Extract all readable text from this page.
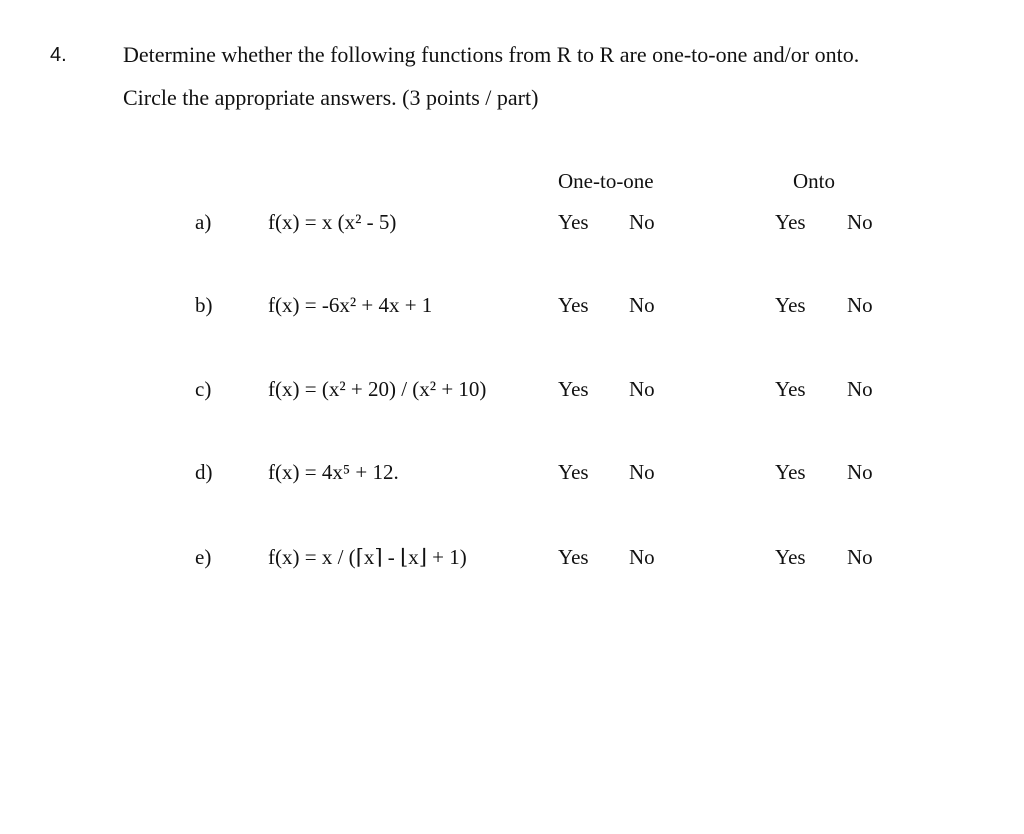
4.	Determine whether the following functions from R to R are one-to-one and/or onto.
Circle the appropriate answers. (3 points / part)
One-to-one	Onto
a)	f(x) = x (x² - 5)	Yes No	Yes No
b)	f(x) = -6x² + 4x + 1	Yes No	Yes No
c)	f(x) = (x² + 20) / (x² + 10)	Yes No	Yes No
d)	f(x) = 4x⁵ + 12.	Yes No	Yes No
e)	f(x) = x / (⌈x⌉ - ⌊x⌋ + 1)	Yes No	Yes No
